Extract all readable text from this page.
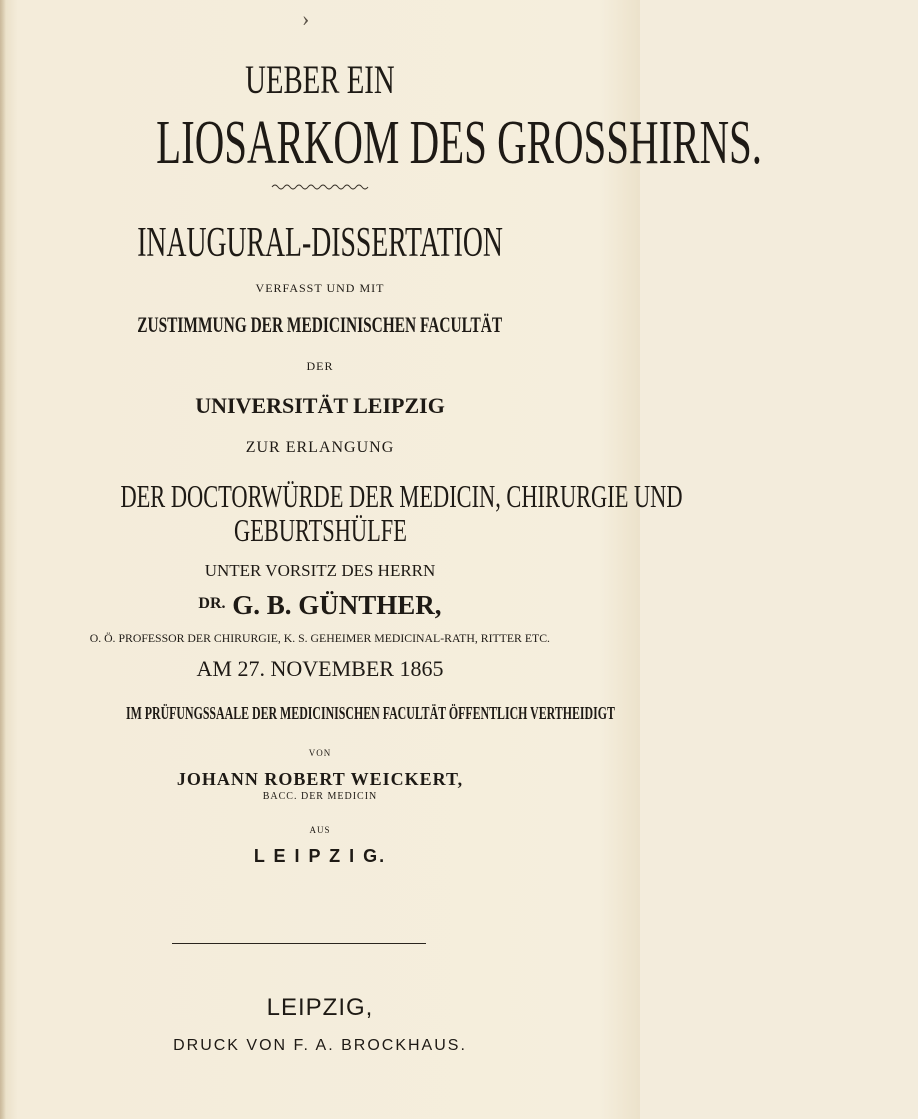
›
UEBER EIN
LIOSARKOM DES GROSSHIRNS.
INAUGURAL-DISSERTATION
VERFASST UND MIT
ZUSTIMMUNG DER MEDICINISCHEN FACULTÄT
DER
UNIVERSITÄT LEIPZIG
ZUR ERLANGUNG
DER DOCTORWÜRDE DER MEDICIN, CHIRURGIE UND
GEBURTSHÜLFE
UNTER VORSITZ DES HERRN
$^{DR.}$ G. B. GÜNTHER,
O. Ö. PROFESSOR DER CHIRURGIE, K. S. GEHEIMER MEDICINAL-RATH, RITTER ETC.
AM 27. NOVEMBER 1865
IM PRÜFUNGSSAALE DER MEDICINISCHEN FACULTÄT ÖFFENTLICH VERTHEIDIGT
VON
JOHANN ROBERT WEICKERT,
BACC. DER MEDICIN
AUS
L E I P Z I G.
LEIPZIG,
DRUCK VON F. A. BROCKHAUS.
